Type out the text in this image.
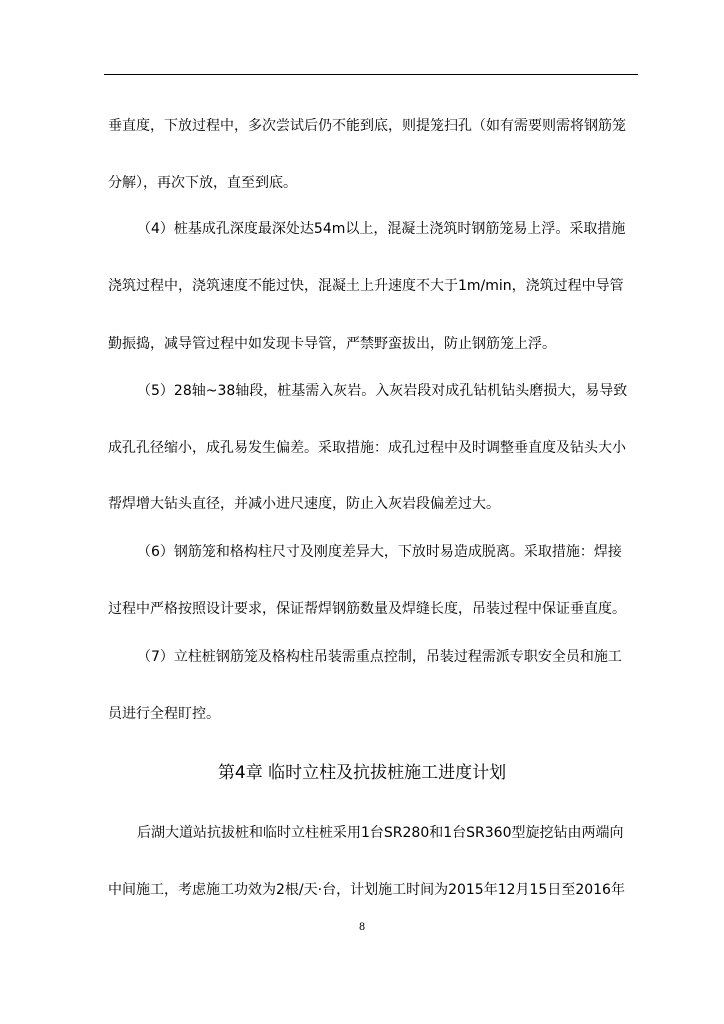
垂直度，下放过程中，多次尝试后仍不能到底，则提笼扫孔（如有需要则需将钢筋笼
分解），再次下放，直至到底。
（4）桩基成孔深度最深处达54m以上，混凝土浇筑时钢筋笼易上浮。采取措施
浇筑过程中，浇筑速度不能过快，混凝土上升速度不大于1m/min，浇筑过程中导管
勤振捣，减导管过程中如发现卡导管，严禁野蛮拔出，防止钢筋笼上浮。
（5）28轴~38轴段，桩基需入灰岩。入灰岩段对成孔钻机钻头磨损大，易导致
成孔孔径缩小，成孔易发生偏差。采取措施：成孔过程中及时调整垂直度及钻头大小
帮焊增大钻头直径，并减小进尺速度，防止入灰岩段偏差过大。
（6）钢筋笼和格构柱尺寸及刚度差异大，下放时易造成脱离。采取措施：焊接
过程中严格按照设计要求，保证帮焊钢筋数量及焊缝长度，吊装过程中保证垂直度。
（7）立柱桩钢筋笼及格构柱吊装需重点控制，吊装过程需派专职安全员和施工
员进行全程盯控。
第4章 临时立柱及抗拔桩施工进度计划
后湖大道站抗拔桩和临时立柱桩采用1台SR280和1台SR360型旋挖钻由两端向
中间施工，考虑施工功效为2根/天·台，计划施工时间为2015年12月15日至2016年
8
